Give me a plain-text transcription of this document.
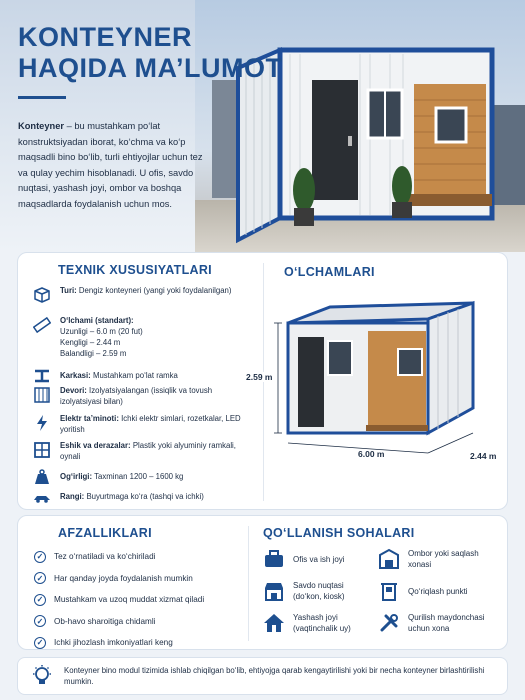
KONTEYNER
HAQIDA MA’LUMOT
Konteyner – bu mustahkam po‘lat konstruktsiyadan iborat, ko‘chma va ko‘p maqsadli bino bo‘lib, turli ehtiyojlar uchun tez va qulay yechim hisoblanadi. U ofis, savdo nuqtasi, yashash joyi, ombor va boshqa maqsadlarda foydalanish uchun mos.
TEXNIK XUSUSIYATLARI
Turi: Dengiz konteyneri (yangi yoki foydalanilgan)
O‘lchami (standart):
Uzunligi – 6.0 m (20 fut)
Kengligi – 2.44 m
Balandligi – 2.59 m
Karkasi: Mustahkam po‘lat ramka
Devori: Izolyatsiyalangan (issiqlik va tovush izolyatsiyasi bilan)
Elektr ta’minoti: Ichki elektr simlari, rozetkalar, LED yoritish
Eshik va derazalar: Plastik yoki alyuminiy ramkali, oynali
Og‘irligi: Taxminan 1200 – 1600 kg
Rangi: Buyurtmaga ko‘ra (tashqi va ichki)
O‘LCHAMLARI
2.59 m
6.00 m	2.44 m
AFZALLIKLARI
✓	Tez o‘rnatiladi va ko‘chiriladi
✓	Har qanday joyda foydalanish mumkin
✓	Mustahkam va uzoq muddat xizmat qiladi
✓	Ob-havo sharoitiga chidamli
✓	Ichki jihozlash imkoniyatlari keng
QO‘LLANISH SOHALARI
Ofis va ish joyi
Ombor yoki saqlash xonasi
Savdo nuqtasi (do‘kon, kiosk)
Qo‘riqlash punkti
Yashash joyi (vaqtinchalik uy)
Qurilish maydonchasi uchun xona
Konteyner bino modul tizimida ishlab chiqilgan bo‘lib, ehtiyojga qarab kengaytirilishi yoki bir necha konteyner birlashtirilishi mumkin.
